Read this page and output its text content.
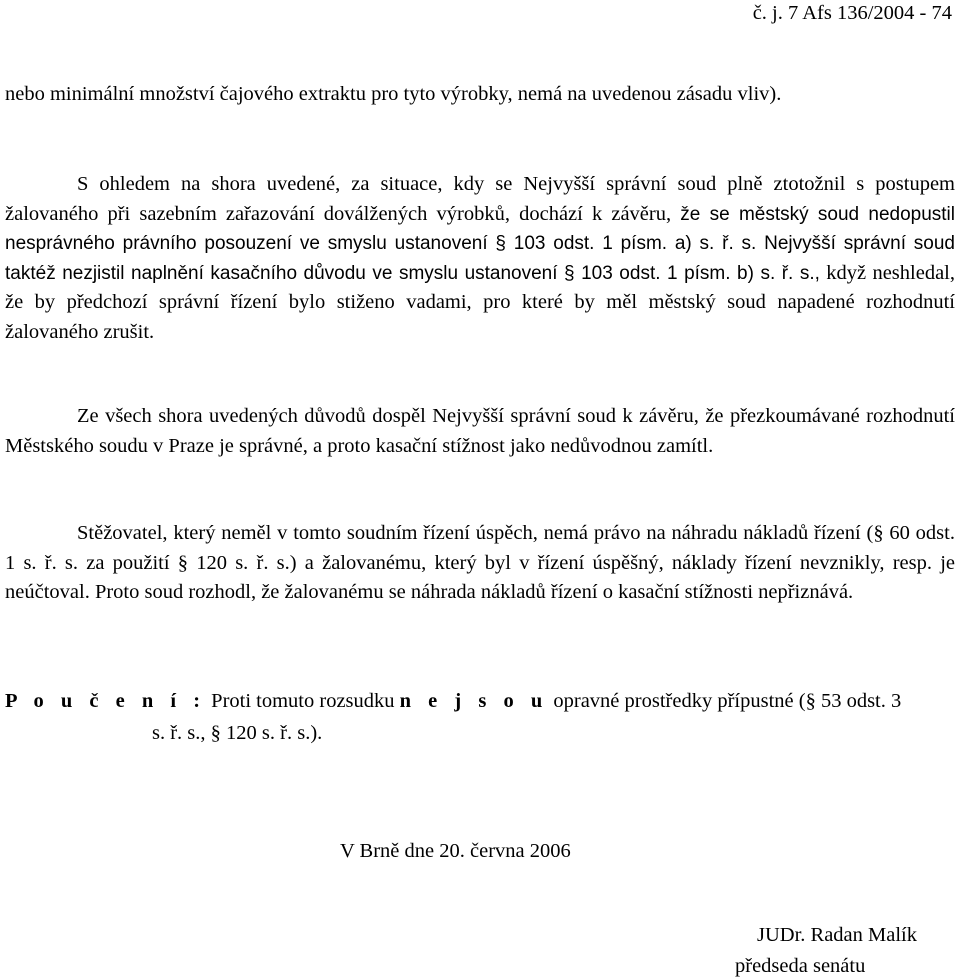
č. j. 7 Afs 136/2004 - 74
nebo minimální množství čajového extraktu pro tyto výrobky, nemá na uvedenou zásadu vliv).
S ohledem na shora uvedené, za situace, kdy se Nejvyšší správní soud plně ztotožnil s postupem žalovaného při sazebním zařazování doválžených výrobků, dochází k závěru, že se městský soud nedopustil nesprávného právního posouzení ve smyslu ustanovení § 103 odst. 1 písm. a) s. ř. s. Nejvyšší správní soud taktéž nezjistil naplnění kasačního důvodu ve smyslu ustanovení § 103 odst. 1 písm. b) s. ř. s., když neshledal, že by předchozí správní řízení bylo stiženo vadami, pro které by měl městský soud napadené rozhodnutí žalovaného zrušit.
Ze všech shora uvedených důvodů dospěl Nejvyšší správní soud k závěru, že přezkoumávané rozhodnutí Městského soudu v Praze je správné, a proto kasační stížnost jako nedůvodnou zamítl.
Stěžovatel, který neměl v tomto soudním řízení úspěch, nemá právo na náhradu nákladů řízení (§ 60 odst. 1 s. ř. s. za použití § 120 s. ř. s.) a žalovanému, který byl v řízení úspěšný, náklady řízení nevznikly, resp. je neúčtoval. Proto soud rozhodl, že žalovanému se náhrada nákladů řízení o kasační stížnosti nepřiznává.
P o u č e n í : Proti tomuto rozsudku n e j s o u opravné prostředky přípustné (§ 53 odst. 3
s. ř. s., § 120 s. ř. s.).
V Brně dne 20. června 2006
JUDr. Radan Malík
předseda senátu
